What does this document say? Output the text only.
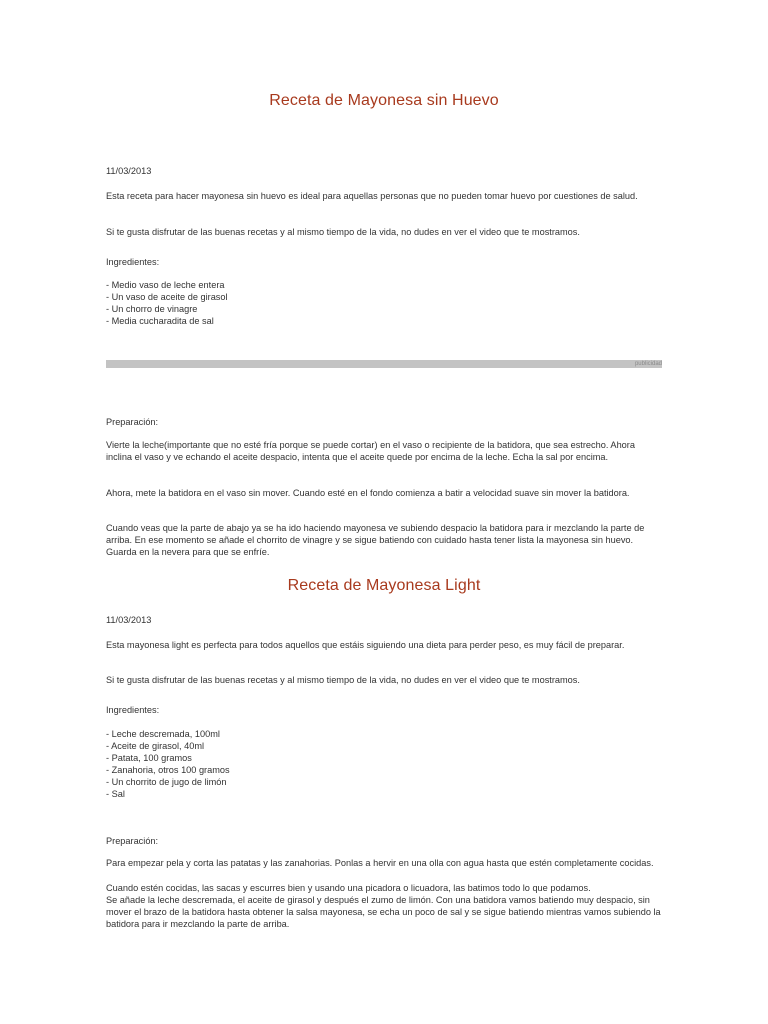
Receta de Mayonesa sin Huevo

11/03/2013

Esta receta para hacer mayonesa sin huevo es ideal para aquellas personas que no pueden tomar huevo por cuestiones de salud.

Si te gusta disfrutar de las buenas recetas y al mismo tiempo de la vida, no dudes en ver el video que te mostramos.

Ingredientes:

- Medio vaso de leche entera
- Un vaso de aceite de girasol
- Un chorro de vinagre
- Media cucharadita de sal
publicidad

Preparación:

Vierte la leche(importante que no esté fría porque se puede cortar) en el vaso o recipiente de la batidora, que sea estrecho. Ahora inclina el vaso y ve echando el aceite despacio, intenta que el aceite quede por encima de la leche. Echa la sal por encima.

Ahora, mete la batidora en el vaso sin mover. Cuando esté en el fondo comienza a batir a velocidad suave sin mover la batidora.

Cuando veas que la parte de abajo ya se ha ido haciendo mayonesa ve subiendo despacio la batidora para ir mezclando la parte de arriba. En ese momento se añade el chorrito de vinagre y se sigue batiendo con cuidado hasta tener lista la mayonesa sin huevo. Guarda en la nevera para que se enfríe.

Receta de Mayonesa Light

11/03/2013

Esta mayonesa light es perfecta para todos aquellos que estáis siguiendo una dieta para perder peso, es muy fácil de preparar.

Si te gusta disfrutar de las buenas recetas y al mismo tiempo de la vida, no dudes en ver el video que te mostramos.

Ingredientes:

- Leche descremada, 100ml
- Aceite de girasol, 40ml
- Patata, 100 gramos
- Zanahoria, otros 100 gramos
- Un chorrito de jugo de limón
- Sal

Preparación:

Para empezar pela y corta las patatas y las zanahorias. Ponlas a hervir en una olla con agua hasta que estén completamente cocidas.

Cuando estén cocidas, las sacas y escurres bien y usando una picadora o licuadora, las batimos todo lo que podamos.

Se añade la leche descremada, el aceite de girasol y después el zumo de limón. Con una batidora vamos batiendo muy despacio, sin mover el brazo de la batidora hasta obtener la salsa mayonesa, se echa un poco de sal y se sigue batiendo mientras vamos subiendo la batidora para ir mezclando la parte de arriba.
